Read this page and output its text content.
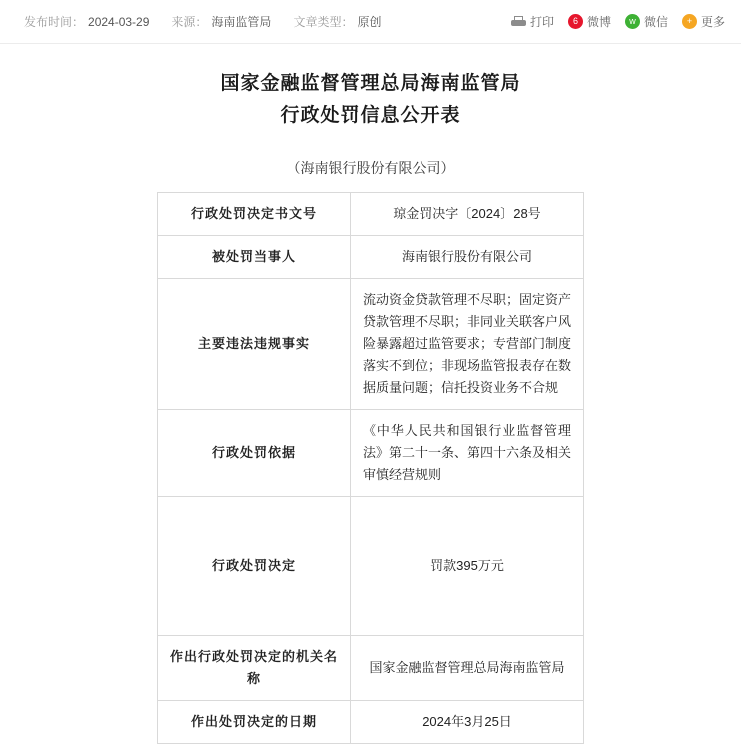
发布时间： 2024-03-29 来源： 海南监管局 文章类型： 原创	打印	6 微博	w 微信	+ 更多
国家金融监督管理总局海南监管局
行政处罚信息公开表
（海南银行股份有限公司）
行政处罚决定书文号	琼金罚决字〔2024〕28号
被处罚当事人	海南银行股份有限公司
主要违法违规事实	流动资金贷款管理不尽职；固定资产贷款管理不尽职；非同业关联客户风险暴露超过监管要求；专营部门制度落实不到位；非现场监管报表存在数据质量问题；信托投资业务不合规
行政处罚依据	《中华人民共和国银行业监督管理法》第二十一条、第四十六条及相关审慎经营规则
行政处罚决定	罚款395万元
作出行政处罚决定的机关名称	国家金融监督管理总局海南监管局
作出处罚决定的日期	2024年3月25日
